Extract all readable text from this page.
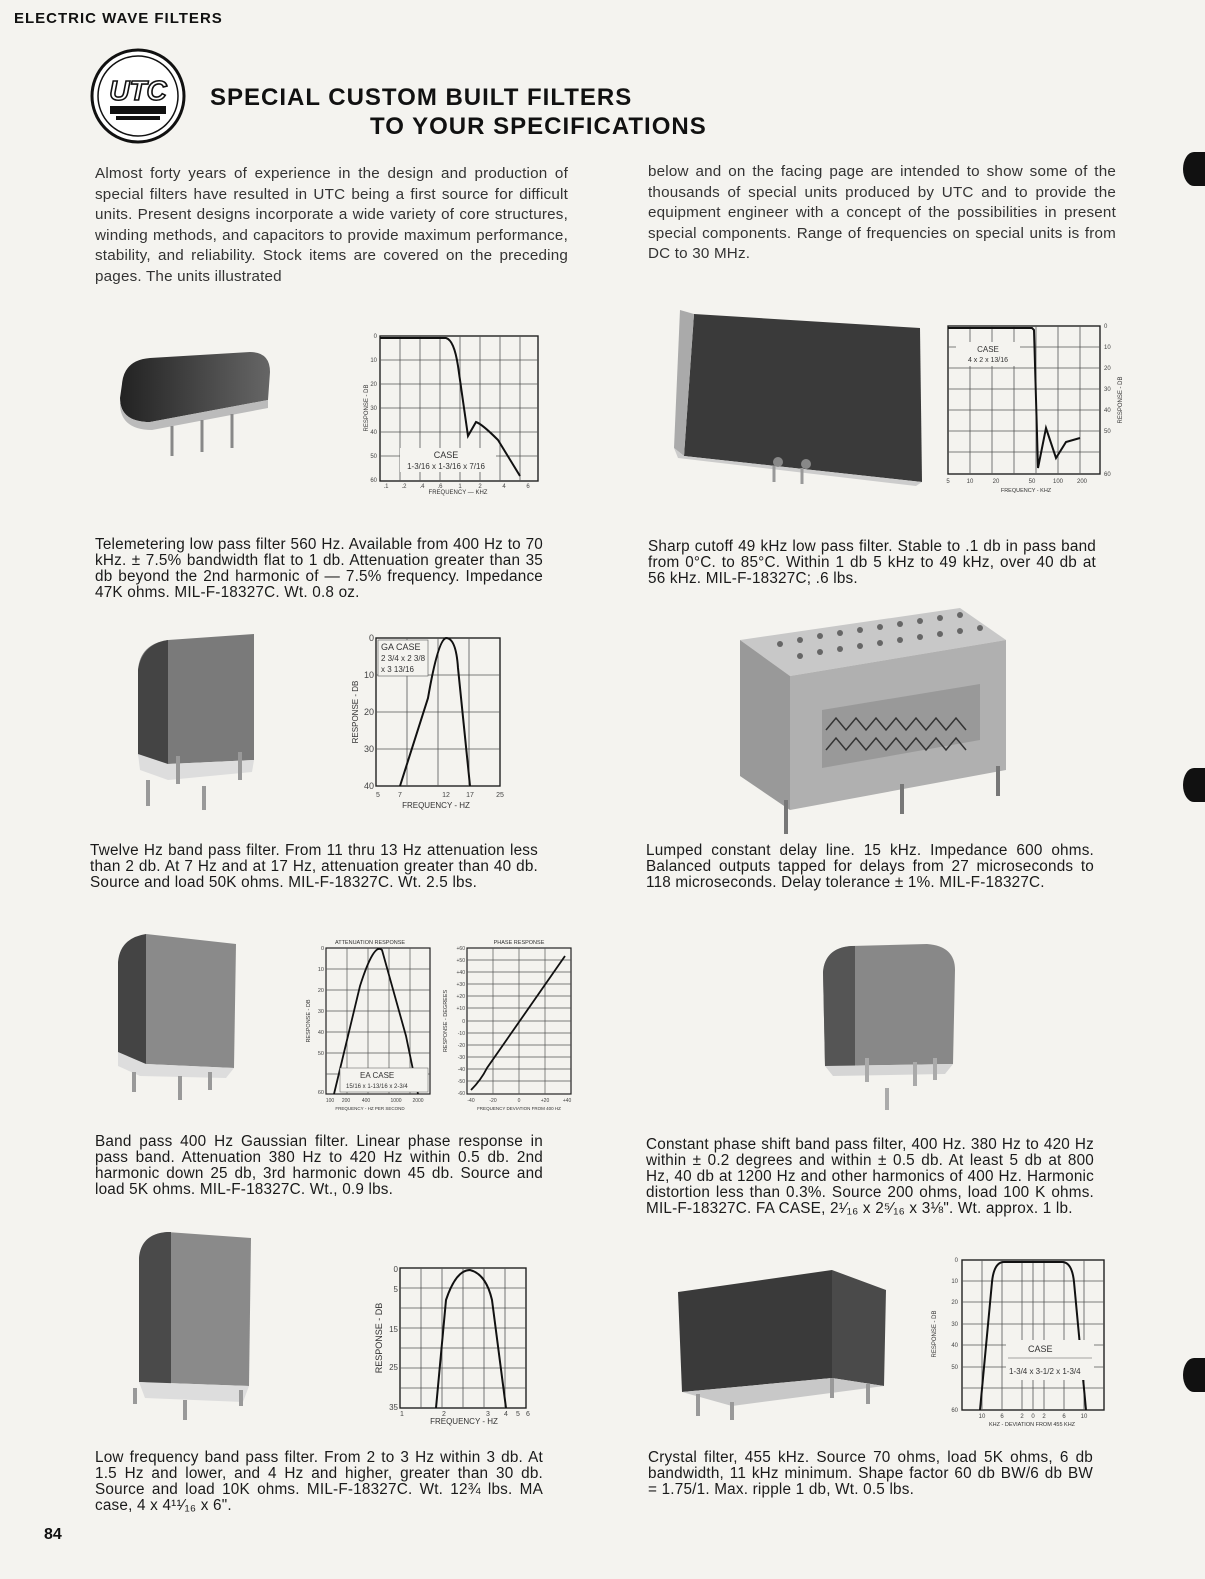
ELECTRIC WAVE FILTERS
UTC SPECIAL CUSTOM BUILT FILTERS
TO YOUR SPECIFICATIONS
Almost forty years of experience in the design and production of special filters have resulted in UTC being a first source for difficult units. Present designs incorporate a wide variety of core structures, winding methods, and capacitors to provide maximum performance, stability, and reliability. Stock items are covered on the preceding pages. The units illustrated
below and on the facing page are intended to show some of the thousands of special units produced by UTC and to provide the equipment engineer with a concept of the possibilities in present special components. Range of frequencies on special units is from DC to 30 MHz.
CASE
1-3/16 x 1-3/16 x 7/16
RESPONSE - DB
FREQUENCY — KHZ
0
10
20
30
40
50
60
.1 .2 .4 .6	1	2	4	6
Telemetering low pass filter 560 Hz. Available from 400 Hz to 70 kHz. ± 7.5% bandwidth flat to 1 db. Attenuation greater than 35 db beyond the 2nd harmonic of — 7.5% frequency. Impedance 47K ohms. MIL-F-18327C. Wt. 0.8 oz.
CASE
4 x 2 x 13/16
RESPONSE - DB
FREQUENCY - KHZ
0
10
20
30
40
50
60
5	10	20	50	100 200
Sharp cutoff 49 kHz low pass filter. Stable to .1 db in pass band from 0°C. to 85°C. Within 1 db 5 kHz to 49 kHz, over 40 db at 56 kHz. MIL-F-18327C; .6 lbs.
GA CASE
2 3/4 x 2 3/8
x 3 13/16
RESPONSE - DB
FREQUENCY - HZ
0
10
20
30
40
5	7	12 17	25
Twelve Hz band pass filter. From 11 thru 13 Hz attenuation less than 2 db. At 7 Hz and at 17 Hz, attenuation greater than 40 db. Source and load 50K ohms. MIL-F-18327C. Wt. 2.5 lbs.
Lumped constant delay line. 15 kHz. Impedance 600 ohms. Balanced outputs tapped for delays from 27 microseconds to 118 microseconds. Delay tolerance ± 1%. MIL-F-18327C.
ATTENUATION RESPONSE
EA CASE
15/16 x 1-13/16 x 2-3/4
RESPONSE - DB
FREQUENCY - HZ PER SECOND
0
10
20
30
40
50
60
100 200 400	1000 2000
PHASE RESPONSE
RESPONSE - DEGREES
FREQUENCY DEVIATION FROM 400 HZ
+60
+50
+40
+30
+20
+10
0
-10
-20
-30
-40
-50
-60
-40	-20	0	+20	+40
Band pass 400 Hz Gaussian filter. Linear phase response in pass band. Attenuation 380 Hz to 420 Hz within 0.5 db. 2nd harmonic down 25 db, 3rd harmonic down 45 db. Source and load 5K ohms. MIL-F-18327C. Wt., 0.9 lbs.
Constant phase shift band pass filter, 400 Hz. 380 Hz to 420 Hz within ± 0.2 degrees and within ± 0.5 db. At least 5 db at 800 Hz, 40 db at 1200 Hz and other harmonics of 400 Hz. Harmonic distortion less than 0.3%. Source 200 ohms, load 100 K ohms. MIL-F-18327C. FA CASE, 2¹⁄₁₆ x 2⁵⁄₁₆ x 3⅛". Wt. approx. 1 lb.
RESPONSE - DB
FREQUENCY - HZ
0
5
15
25
35
1	2	3 4 5 6
Low frequency band pass filter. From 2 to 3 Hz within 3 db. At 1.5 Hz and lower, and 4 Hz and higher, greater than 30 db. Source and load 10K ohms. MIL-F-18327C. Wt. 12¾ lbs. MA case, 4 x 4¹¹⁄₁₆ x 6".
CASE
1-3/4 x 3-1/2 x 1-3/4
RESPONSE - DB
KHZ - DEVIATION FROM 455 KHZ
0
10
20
30
40
50
60
10 6	2 0 2	6 10
Crystal filter, 455 kHz. Source 70 ohms, load 5K ohms, 6 db bandwidth, 11 kHz minimum. Shape factor 60 db BW/6 db BW = 1.75/1. Max. ripple 1 db, Wt. 0.5 lbs.
84
